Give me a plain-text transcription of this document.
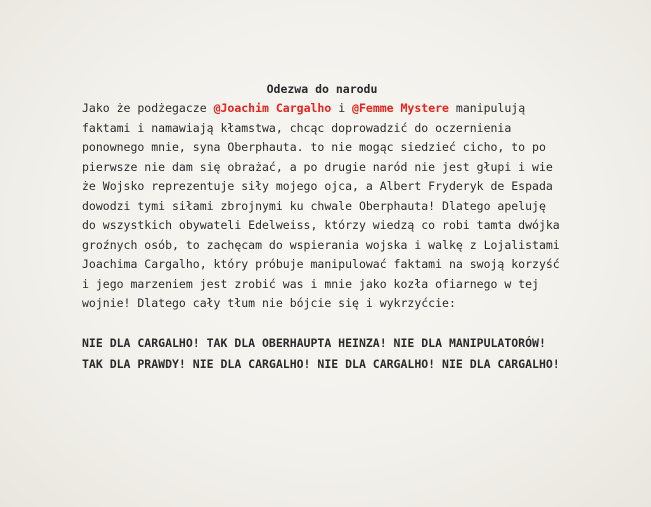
Odezwa do narodu

Jako że podżegacze @Joachim Cargalho i @Femme Mystere manipulują faktami i namawiają kłamstwa, chcąc doprowadzić do oczernienia ponownego mnie, syna Oberphauta. to nie mogąc siedzieć cicho, to po pierwsze nie dam się obrażać, a po drugie naród nie jest głupi i wie że Wojsko reprezentuje siły mojego ojca, a Albert Fryderyk de Espada dowodzi tymi siłami zbrojnymi ku chwale Oberphauta! Dlatego apeluję do wszystkich obywateli Edelweiss, którzy wiedzą co robi tamta dwójka groźnych osób, to zachęcam do wspierania wojska i walkę z Lojalistami Joachima Cargalho, który próbuje manipulować faktami na swoją korzyść i jego marzeniem jest zrobić was i mnie jako kozła ofiarnego w tej wojnie! Dlatego cały tłum nie bójcie się i wykrzyćcie:

NIE DLA CARGALHO! TAK DLA OBERHAUPTA HEINZA! NIE DLA MANIPULATORÓW! TAK DLA PRAWDY! NIE DLA CARGALHO! NIE DLA CARGALHO! NIE DLA CARGALHO!
